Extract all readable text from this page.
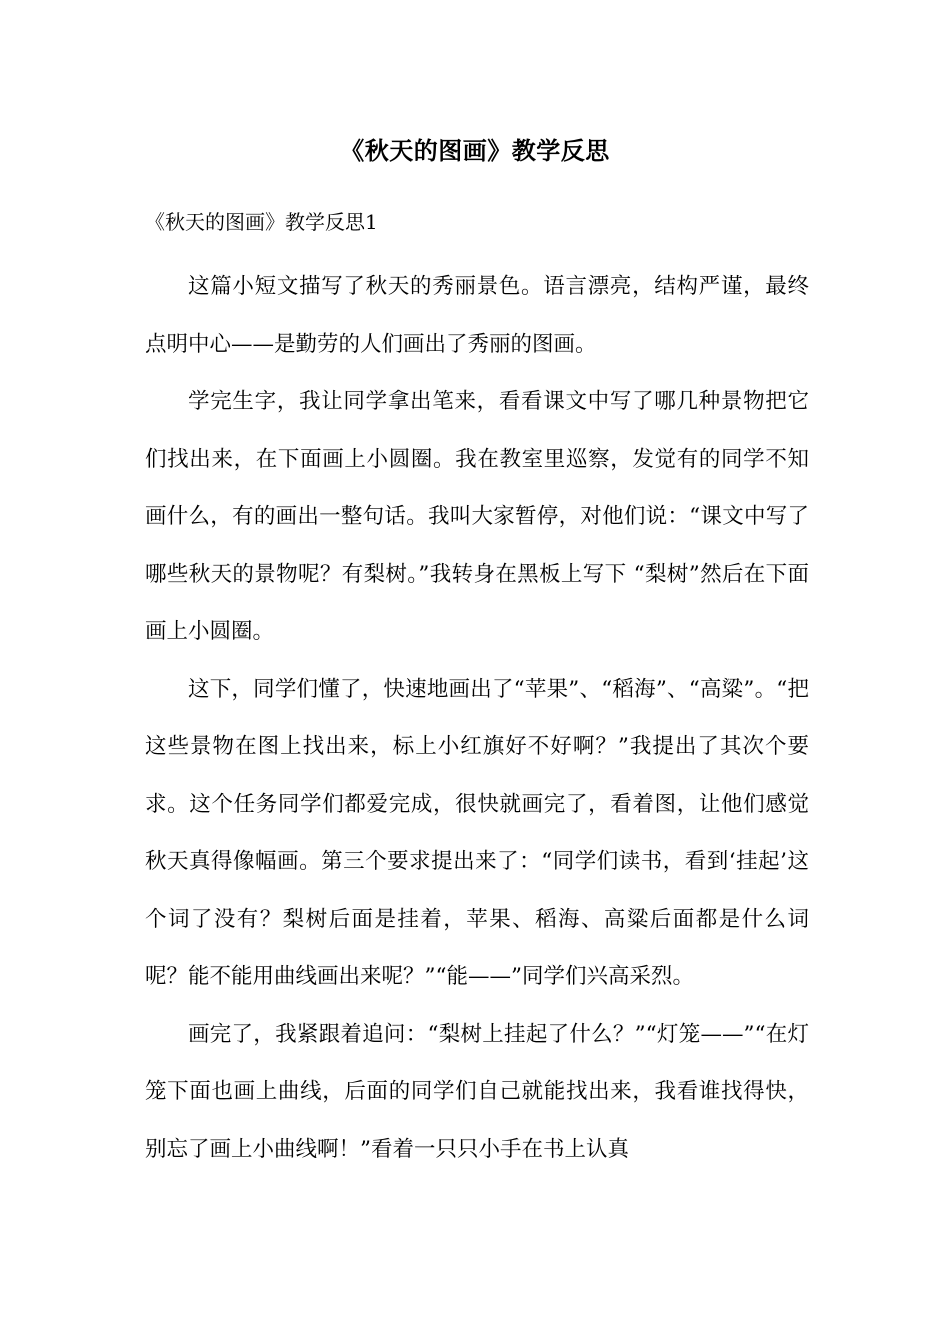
《秋天的图画》教学反思
《秋天的图画》教学反思1

这篇小短文描写了秋天的秀丽景色。语言漂亮，结构严谨，最终点明中心——是勤劳的人们画出了秀丽的图画。

学完生字，我让同学拿出笔来，看看课文中写了哪几种景物把它们找出来，在下面画上小圆圈。我在教室里巡察，发觉有的同学不知画什么，有的画出一整句话。我叫大家暂停，对他们说：“课文中写了哪些秋天的景物呢？有梨树。”我转身在黑板上写下 “梨树”然后在下面画上小圆圈。

这下，同学们懂了，快速地画出了“苹果”、“稻海”、“高粱”。“把这些景物在图上找出来，标上小红旗好不好啊？”我提出了其次个要求。这个任务同学们都爱完成，很快就画完了，看着图，让他们感觉秋天真得像幅画。第三个要求提出来了：“同学们读书，看到‘挂起’这个词了没有？梨树后面是挂着，苹果、稻海、高粱后面都是什么词呢？能不能用曲线画出来呢？”“能——”同学们兴高采烈。

画完了，我紧跟着追问：“梨树上挂起了什么？”“灯笼——”“在灯笼下面也画上曲线，后面的同学们自己就能找出来，我看谁找得快，别忘了画上小曲线啊！”看着一只只小手在书上认真
